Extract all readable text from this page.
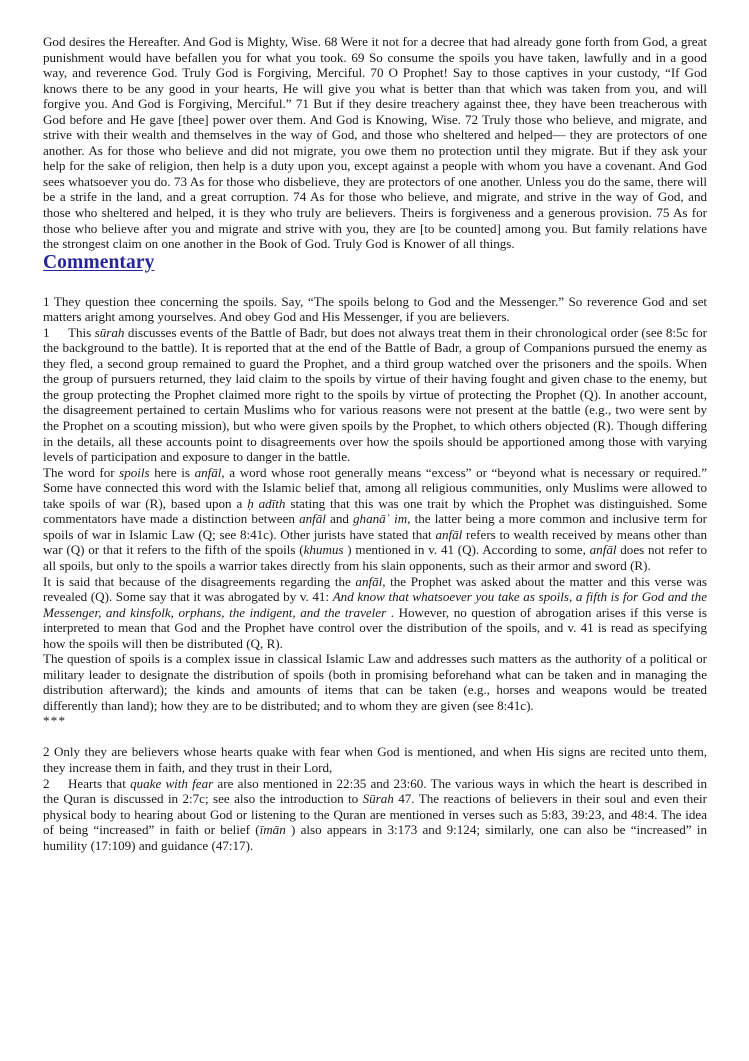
God desires the Hereafter. And God is Mighty, Wise. 68 Were it not for a decree that had already gone forth from God, a great punishment would have befallen you for what you took. 69 So consume the spoils you have taken, lawfully and in a good way, and reverence God. Truly God is Forgiving, Merciful. 70 O Prophet! Say to those captives in your custody, “If God knows there to be any good in your hearts, He will give you what is better than that which was taken from you, and will forgive you. And God is Forgiving, Merciful.” 71 But if they desire treachery against thee, they have been treacherous with God before and He gave [thee] power over them. And God is Knowing, Wise. 72 Truly those who believe, and migrate, and strive with their wealth and themselves in the way of God, and those who sheltered and helped— they are protectors of one another. As for those who believe and did not migrate, you owe them no protection until they migrate. But if they ask your help for the sake of religion, then help is a duty upon you, except against a people with whom you have a covenant. And God sees whatsoever you do. 73 As for those who disbelieve, they are protectors of one another. Unless you do the same, there will be a strife in the land, and a great corruption. 74 As for those who believe, and migrate, and strive in the way of God, and those who sheltered and helped, it is they who truly are believers. Theirs is forgiveness and a generous provision. 75 As for those who believe after you and migrate and strive with you, they are [to be counted] among you. But family relations have the strongest claim on one another in the Book of God. Truly God is Knower of all things.

Commentary

1 They question thee concerning the spoils. Say, “The spoils belong to God and the Messenger.” So reverence God and set matters aright among yourselves. And obey God and His Messenger, if you are believers.

1 This sūrah discusses events of the Battle of Badr, but does not always treat them in their chronological order (see 8:5c for the background to the battle). It is reported that at the end of the Battle of Badr, a group of Companions pursued the enemy as they fled, a second group remained to guard the Prophet, and a third group watched over the prisoners and the spoils. When the group of pursuers returned, they laid claim to the spoils by virtue of their having fought and given chase to the enemy, but the group protecting the Prophet claimed more right to the spoils by virtue of protecting the Prophet (Q). In another account, the disagreement pertained to certain Muslims who for various reasons were not present at the battle (e.g., two were sent by the Prophet on a scouting mission), but who were given spoils by the Prophet, to which others objected (R). Though differing in the details, all these accounts point to disagreements over how the spoils should be apportioned among those with varying levels of participation and exposure to danger in the battle.

The word for spoils here is anfāl, a word whose root generally means “excess” or “beyond what is necessary or required.” Some have connected this word with the Islamic belief that, among all religious communities, only Muslims were allowed to take spoils of war (R), based upon a ḥ adīth stating that this was one trait by which the Prophet was distinguished. Some commentators have made a distinction between anfāl and ghanāʾ im, the latter being a more common and inclusive term for spoils of war in Islamic Law (Q; see 8:41c). Other jurists have stated that anfāl refers to wealth received by means other than war (Q) or that it refers to the fifth of the spoils (khumus ) mentioned in v. 41 (Q). According to some, anfāl does not refer to all spoils, but only to the spoils a warrior takes directly from his slain opponents, such as their armor and sword (R).

It is said that because of the disagreements regarding the anfāl, the Prophet was asked about the matter and this verse was revealed (Q). Some say that it was abrogated by v. 41: And know that whatsoever you take as spoils, a fifth is for God and the Messenger, and kinsfolk, orphans, the indigent, and the traveler . However, no question of abrogation arises if this verse is interpreted to mean that God and the Prophet have control over the distribution of the spoils, and v. 41 is read as specifying how the spoils will then be distributed (Q, R).

The question of spoils is a complex issue in classical Islamic Law and addresses such matters as the authority of a political or military leader to designate the distribution of spoils (both in promising beforehand what can be taken and in managing the distribution afterward); the kinds and amounts of items that can be taken (e.g., horses and weapons would be treated differently than land); how they are to be distributed; and to whom they are given (see 8:41c).

***

2 Only they are believers whose hearts quake with fear when God is mentioned, and when His signs are recited unto them, they increase them in faith, and they trust in their Lord,

2 Hearts that quake with fear are also mentioned in 22:35 and 23:60. The various ways in which the heart is described in the Quran is discussed in 2:7c; see also the introduction to Sūrah 47. The reactions of believers in their soul and even their physical body to hearing about God or listening to the Quran are mentioned in verses such as 5:83, 39:23, and 48:4. The idea of being “increased” in faith or belief (īmān ) also appears in 3:173 and 9:124; similarly, one can also be “increased” in humility (17:109) and guidance (47:17).
